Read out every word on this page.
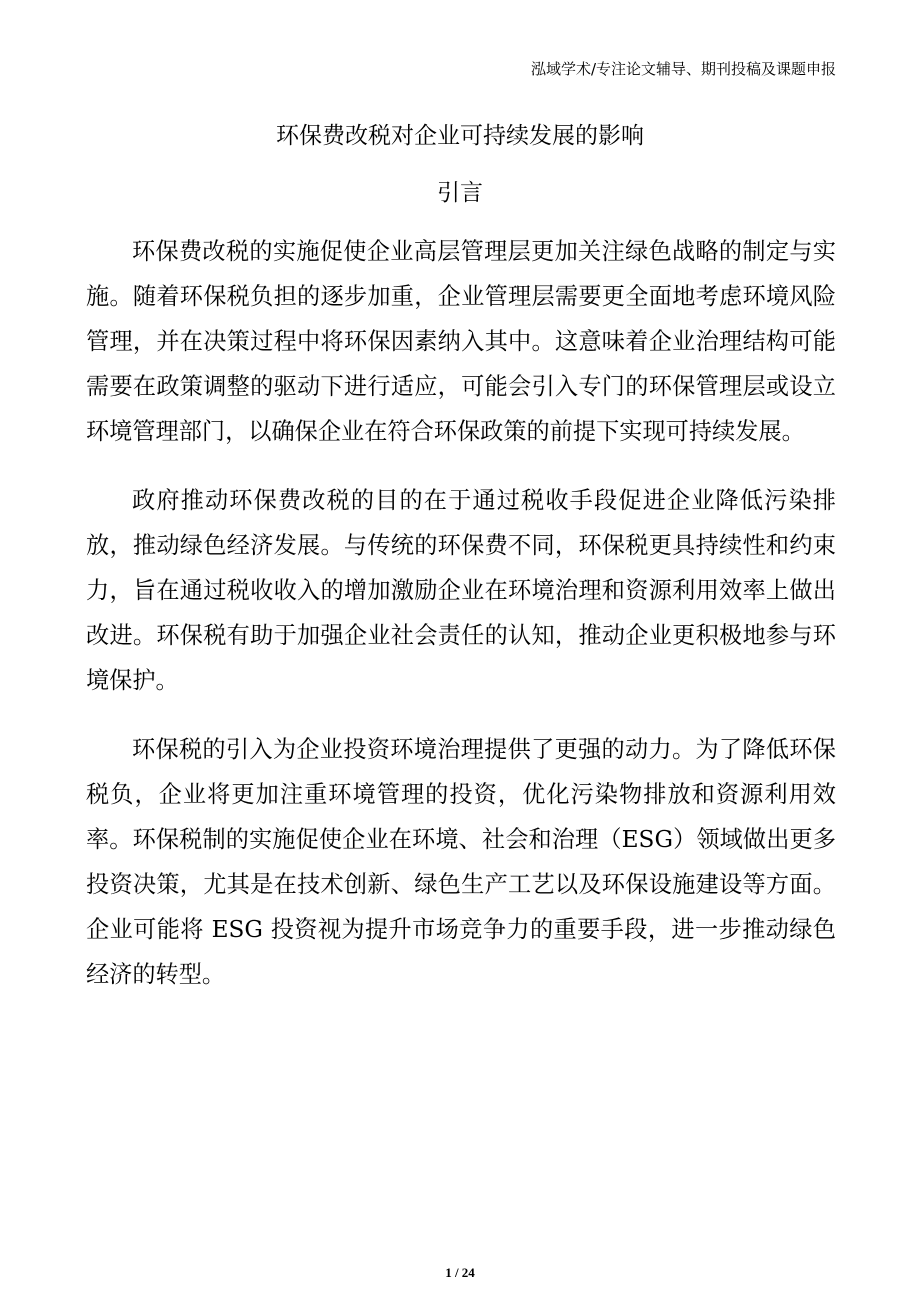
泓域学术/专注论文辅导、期刊投稿及课题申报
环保费改税对企业可持续发展的影响
引言

环保费改税的实施促使企业高层管理层更加关注绿色战略的制定与实施。随着环保税负担的逐步加重，企业管理层需要更全面地考虑环境风险管理，并在决策过程中将环保因素纳入其中。这意味着企业治理结构可能需要在政策调整的驱动下进行适应，可能会引入专门的环保管理层或设立环境管理部门，以确保企业在符合环保政策的前提下实现可持续发展。

政府推动环保费改税的目的在于通过税收手段促进企业降低污染排放，推动绿色经济发展。与传统的环保费不同，环保税更具持续性和约束力，旨在通过税收收入的增加激励企业在环境治理和资源利用效率上做出改进。环保税有助于加强企业社会责任的认知，推动企业更积极地参与环境保护。

环保税的引入为企业投资环境治理提供了更强的动力。为了降低环保税负，企业将更加注重环境管理的投资，优化污染物排放和资源利用效率。环保税制的实施促使企业在环境、社会和治理（ESG）领域做出更多投资决策，尤其是在技术创新、绿色生产工艺以及环保设施建设等方面。企业可能将 ESG 投资视为提升市场竞争力的重要手段，进一步推动绿色经济的转型。

1 / 24
